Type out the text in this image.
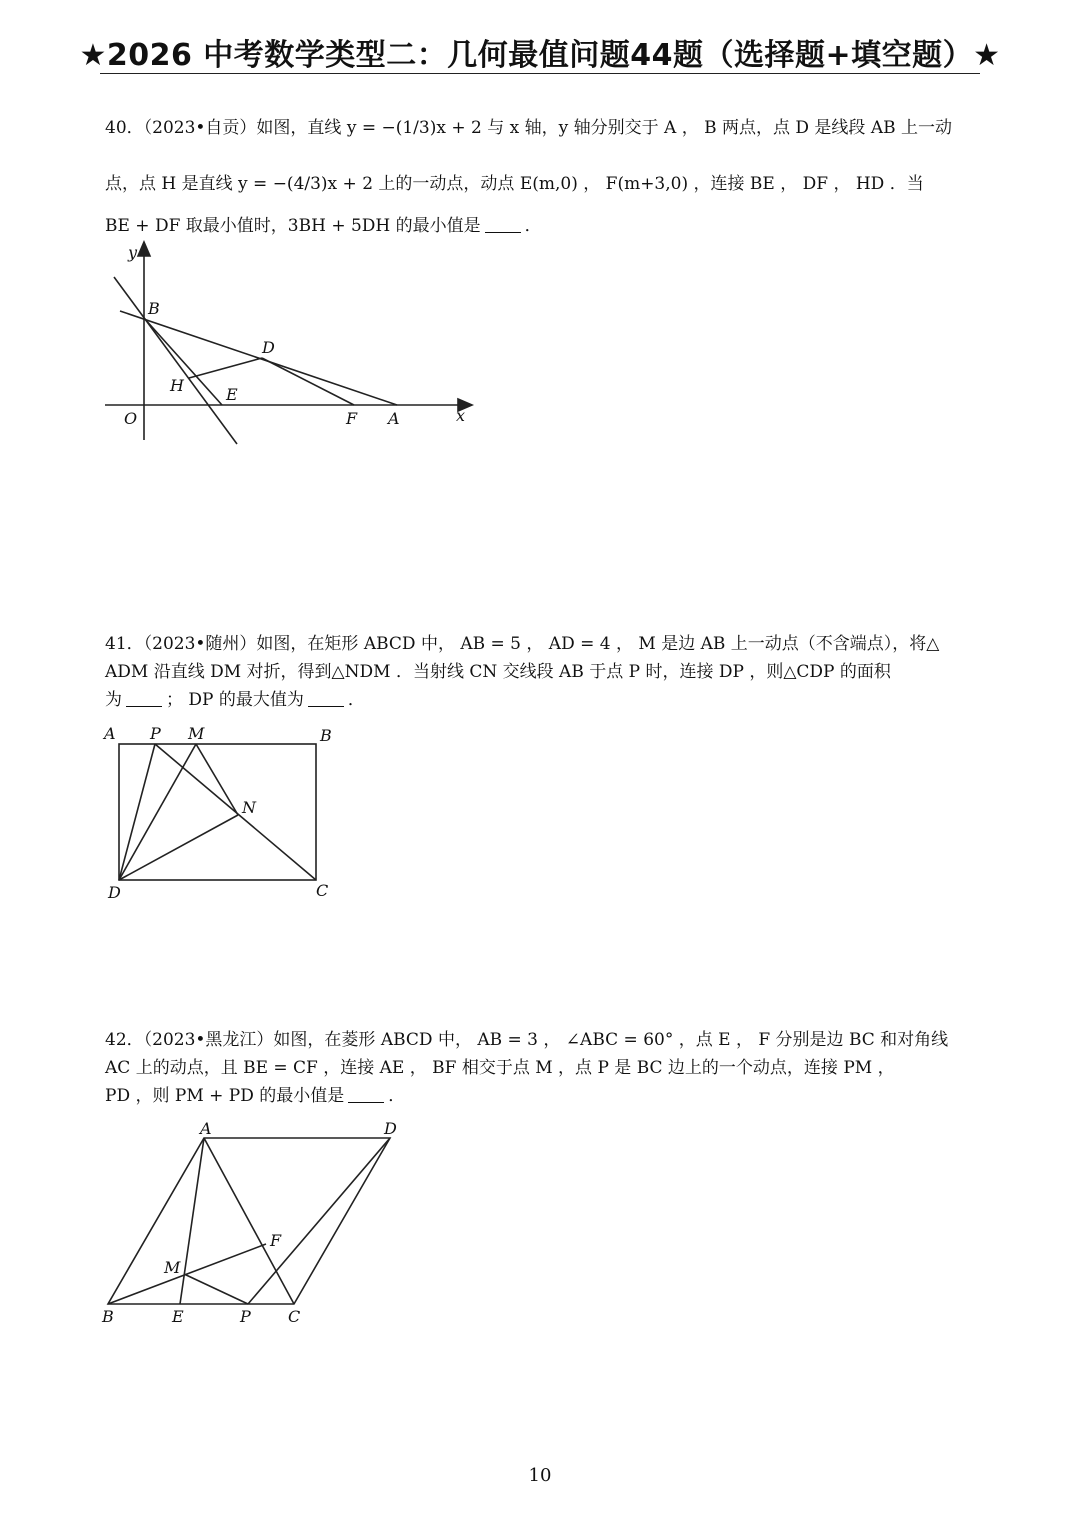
★2026 中考数学类型二：几何最值问题44题（选择题+填空题）★
40．（2023•自贡）如图，直线 y = −(1/3)x + 2 与 x 轴，y 轴分别交于 A ， B 两点，点 D 是线段 AB 上一动
点，点 H 是直线 y = −(4/3)x + 2 上的一动点，动点 E(m,0) ， F(m+3,0) ，连接 BE ， DF ， HD ．当
BE + DF 取最小值时，3BH + 5DH 的最小值是	．
y
B
D
H	E
O	F A	x
41．（2023•随州）如图，在矩形 ABCD 中， AB = 5 ， AD = 4 ， M 是边 AB 上一动点（不含端点），将△
ADM 沿直线 DM 对折，得到△NDM ．当射线 CN 交线段 AB 于点 P 时，连接 DP ，则△CDP 的面积
为	； DP 的最大值为	．
A P M	B
N
D	C
42．（2023•黑龙江）如图，在菱形 ABCD 中， AB = 3 ， ∠ABC = 60° ，点 E ， F 分别是边 BC 和对角线
AC 上的动点，且 BE = CF ，连接 AE ， BF 相交于点 M ，点 P 是 BC 边上的一个动点，连接 PM ，
PD ，则 PM + PD 的最小值是	．
A	D
F
M
B	E	P C
10
